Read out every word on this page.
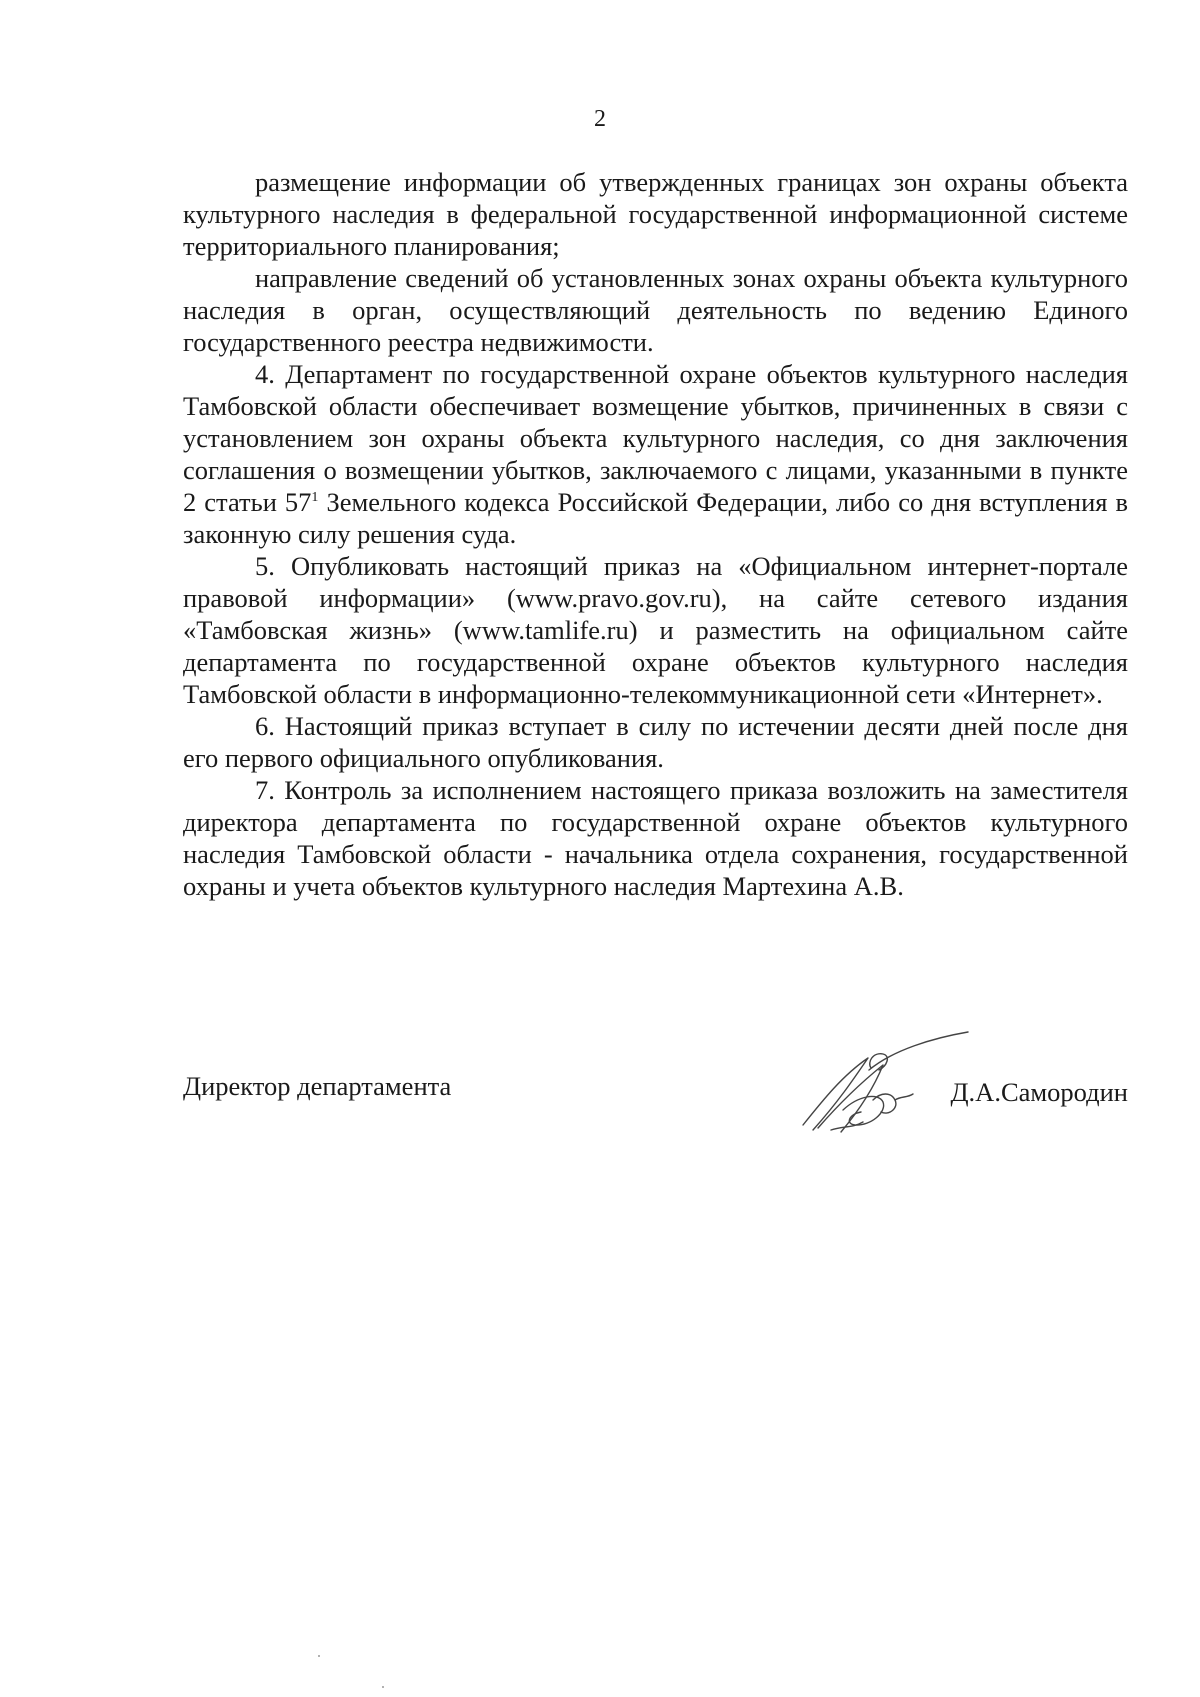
2

размещение информации об утвержденных границах зон охраны объекта культурного наследия в федеральной государственной информационной системе территориального планирования;

направление сведений об установленных зонах охраны объекта культурного наследия в орган, осуществляющий деятельность по ведению Единого государственного реестра недвижимости.

4. Департамент по государственной охране объектов культурного наследия Тамбовской области обеспечивает возмещение убытков, причиненных в связи с установлением зон охраны объекта культурного наследия, со дня заключения соглашения о возмещении убытков, заключаемого с лицами, указанными в пункте 2 статьи $57^1$ Земельного кодекса Российской Федерации, либо со дня вступления в законную силу решения суда.

5. Опубликовать настоящий приказ на «Официальном интернет-портале правовой информации» (www.pravo.gov.ru), на сайте сетевого издания «Тамбовская жизнь» (www.tamlife.ru) и разместить на официальном сайте департамента по государственной охране объектов культурного наследия Тамбовской области в информационно-телекоммуникационной сети «Интернет».

6. Настоящий приказ вступает в силу по истечении десяти дней после дня его первого официального опубликования.

7. Контроль за исполнением настоящего приказа возложить на заместителя директора департамента по государственной охране объектов культурного наследия Тамбовской области - начальника отдела сохранения, государственной охраны и учета объектов культурного наследия Мартехина А.В.

Директор департамента	Д.А.Самородин
